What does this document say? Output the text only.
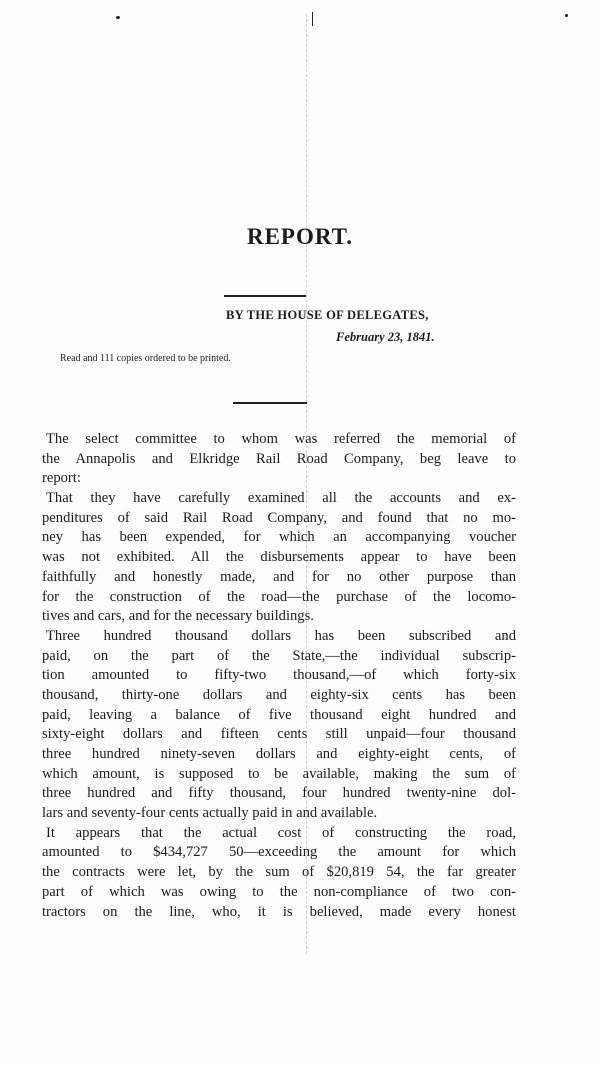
REPORT.
BY THE HOUSE OF DELEGATES,
February 23, 1841.
Read and 111 copies ordered to be printed.
The select committee to whom was referred the memorial of
the Annapolis and Elkridge Rail Road Company, beg leave to
report:
That they have carefully examined all the accounts and ex-
penditures of said Rail Road Company, and found that no mo-
ney has been expended, for which an accompanying voucher
was not exhibited. All the disbursements appear to have been
faithfully and honestly made, and for no other purpose than
for the construction of the road—the purchase of the locomo-
tives and cars, and for the necessary buildings.
Three hundred thousand dollars has been subscribed and
paid, on the part of the State,—the individual subscrip-
tion amounted to fifty-two thousand,—of which forty-six
thousand, thirty-one dollars and eighty-six cents has been
paid, leaving a balance of five thousand eight hundred and
sixty-eight dollars and fifteen cents still unpaid—four thousand
three hundred ninety-seven dollars and eighty-eight cents, of
which amount, is supposed to be available, making the sum of
three hundred and fifty thousand, four hundred twenty-nine dol-
lars and seventy-four cents actually paid in and available.
It appears that the actual cost of constructing the road,
amounted to $434,727 50—exceeding the amount for which
the contracts were let, by the sum of $20,819 54, the far greater
part of which was owing to the non-compliance of two con-
tractors on the line, who, it is believed, made every honest
